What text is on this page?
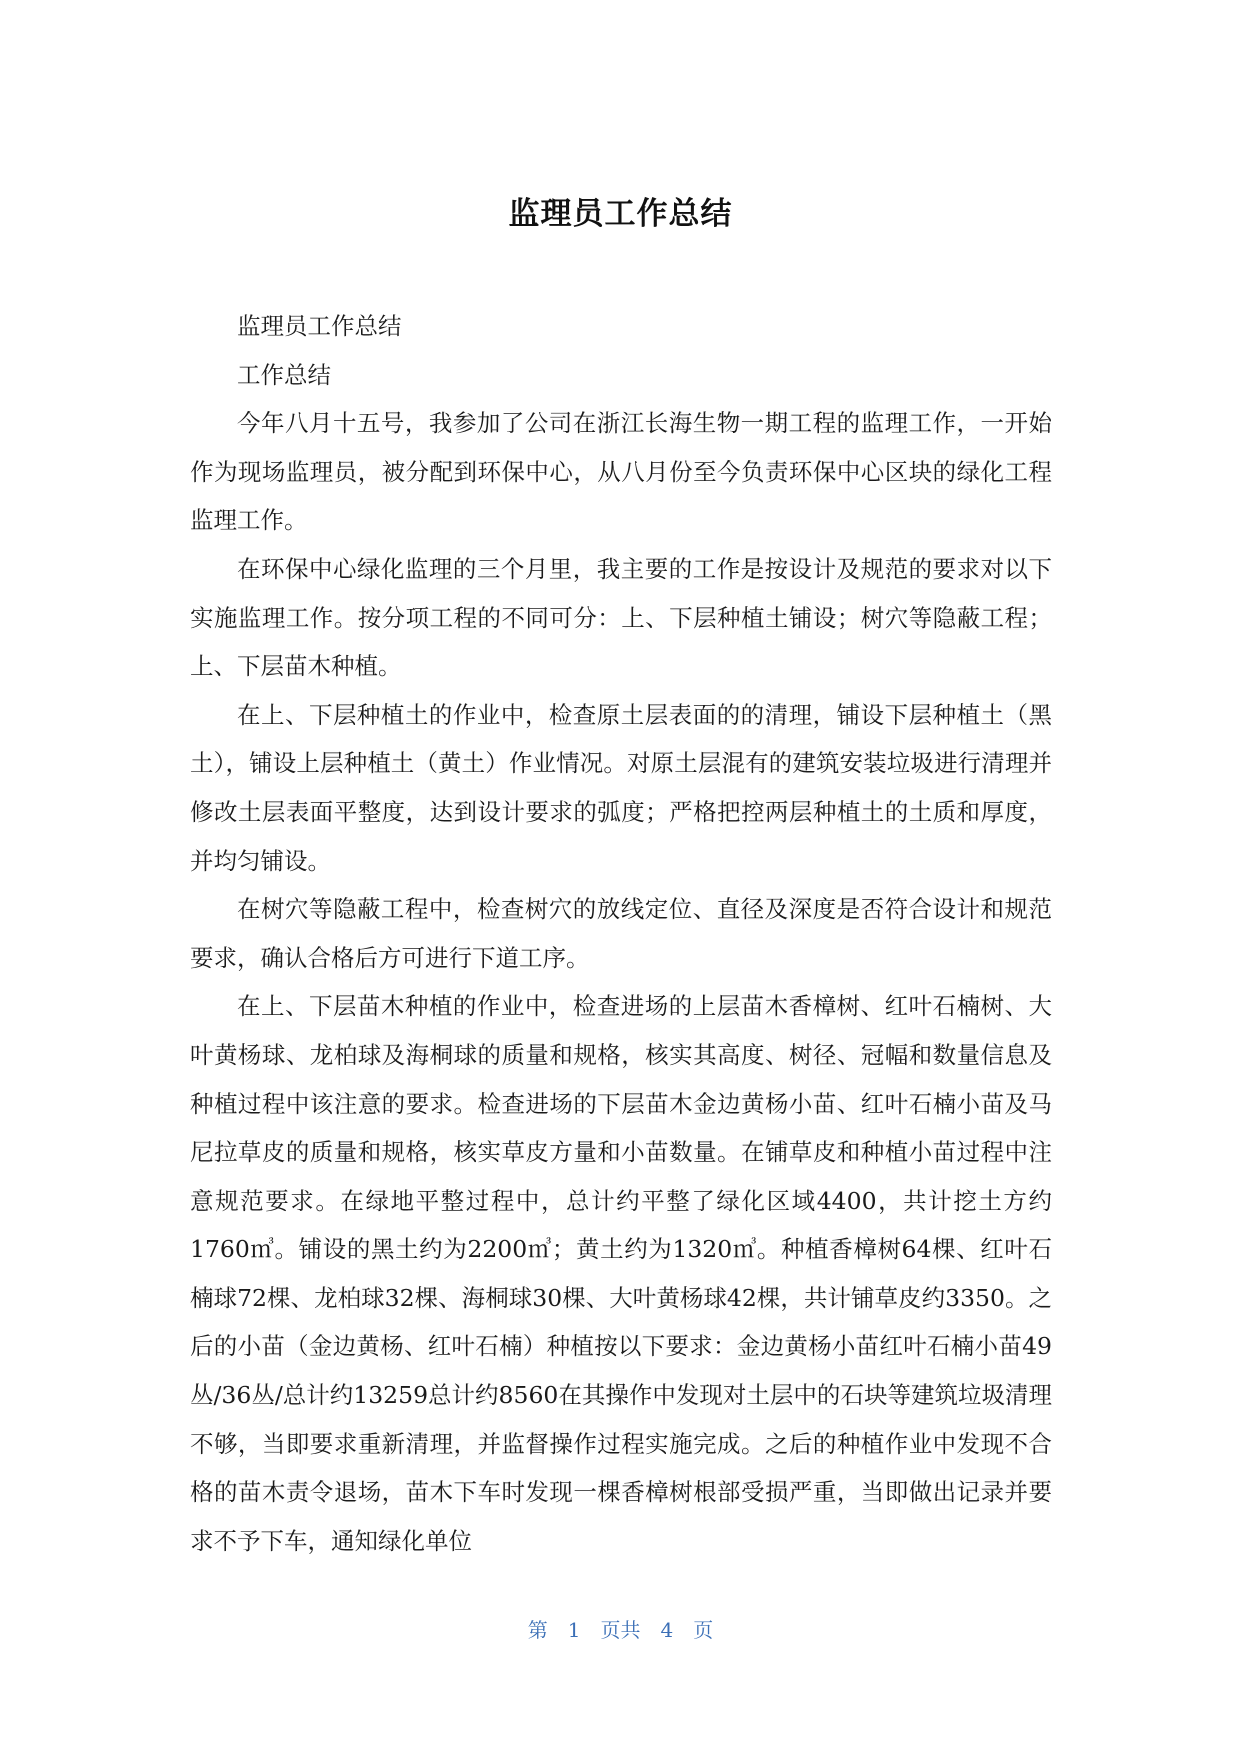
监理员工作总结

监理员工作总结

工作总结

今年八月十五号，我参加了公司在浙江长海生物一期工程的监理工作，一开始作为现场监理员，被分配到环保中心，从八月份至今负责环保中心区块的绿化工程监理工作。

在环保中心绿化监理的三个月里，我主要的工作是按设计及规范的要求对以下实施监理工作。按分项工程的不同可分：上、下层种植土铺设；树穴等隐蔽工程；上、下层苗木种植。

在上、下层种植土的作业中，检查原土层表面的的清理，铺设下层种植土（黑土），铺设上层种植土（黄土）作业情况。对原土层混有的建筑安装垃圾进行清理并修改土层表面平整度，达到设计要求的弧度；严格把控两层种植土的土质和厚度，并均匀铺设。

在树穴等隐蔽工程中，检查树穴的放线定位、直径及深度是否符合设计和规范要求，确认合格后方可进行下道工序。

在上、下层苗木种植的作业中，检查进场的上层苗木香樟树、红叶石楠树、大叶黄杨球、龙柏球及海桐球的质量和规格，核实其高度、树径、冠幅和数量信息及种植过程中该注意的要求。检查进场的下层苗木金边黄杨小苗、红叶石楠小苗及马尼拉草皮的质量和规格，核实草皮方量和小苗数量。在铺草皮和种植小苗过程中注意规范要求。在绿地平整过程中，总计约平整了绿化区域4400，共计挖土方约1760㎥。铺设的黑土约为2200㎥；黄土约为1320㎥。种植香樟树64棵、红叶石楠球72棵、龙柏球32棵、海桐球30棵、大叶黄杨球42棵，共计铺草皮约3350。之后的小苗（金边黄杨、红叶石楠）种植按以下要求：金边黄杨小苗红叶石楠小苗49丛/36丛/总计约13259总计约8560在其操作中发现对土层中的石块等建筑垃圾清理不够，当即要求重新清理，并监督操作过程实施完成。之后的种植作业中发现不合格的苗木责令退场，苗木下车时发现一棵香樟树根部受损严重，当即做出记录并要求不予下车，通知绿化单位

第 1 页共 4 页
